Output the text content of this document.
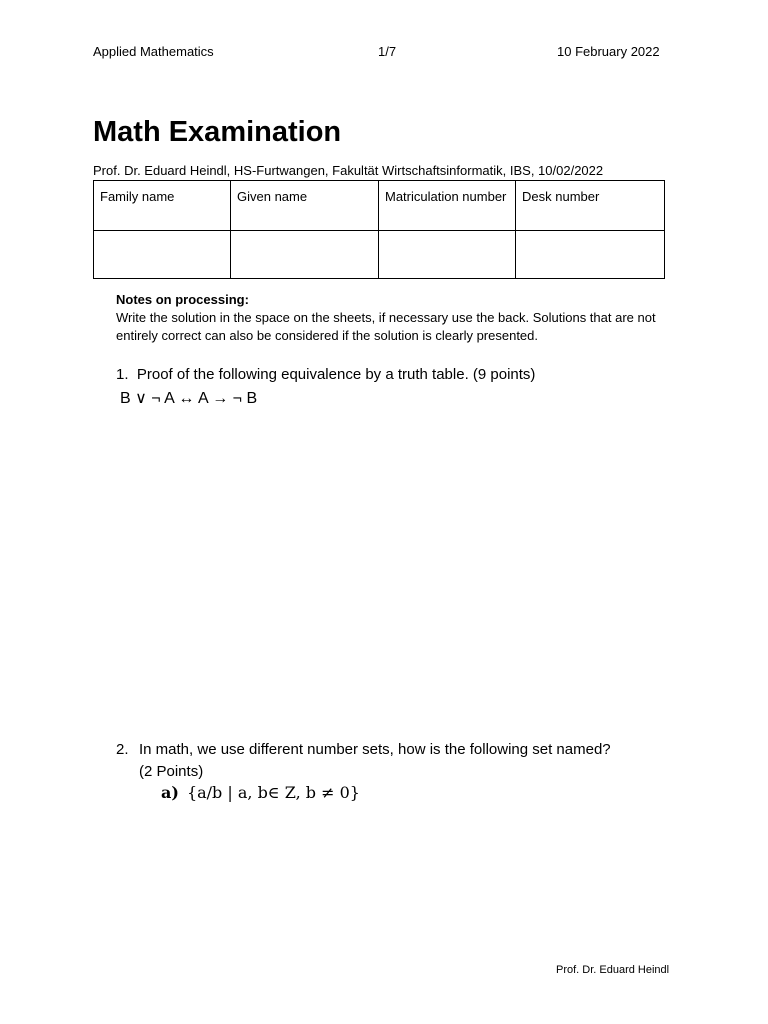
Applied Mathematics	1/7	10 February 2022
Math Examination
Prof. Dr. Eduard Heindl, HS-Furtwangen, Fakultät Wirtschaftsinformatik, IBS, 10/02/2022
Family name	Given name	Matriculation number	Desk number

Notes on processing:
Write the solution in the space on the sheets, if necessary use the back. Solutions that are not entirely correct can also be considered if the solution is clearly presented.
1. Proof of the following equivalence by a truth table. (9 points)
B ∨ ¬ A ↔ A → ¬ B
2. In math, we use different number sets, how is the following set named?
(2 Points)
a) {a/b | a, b∈ Z, b ≠ 0}
Prof. Dr. Eduard Heindl
